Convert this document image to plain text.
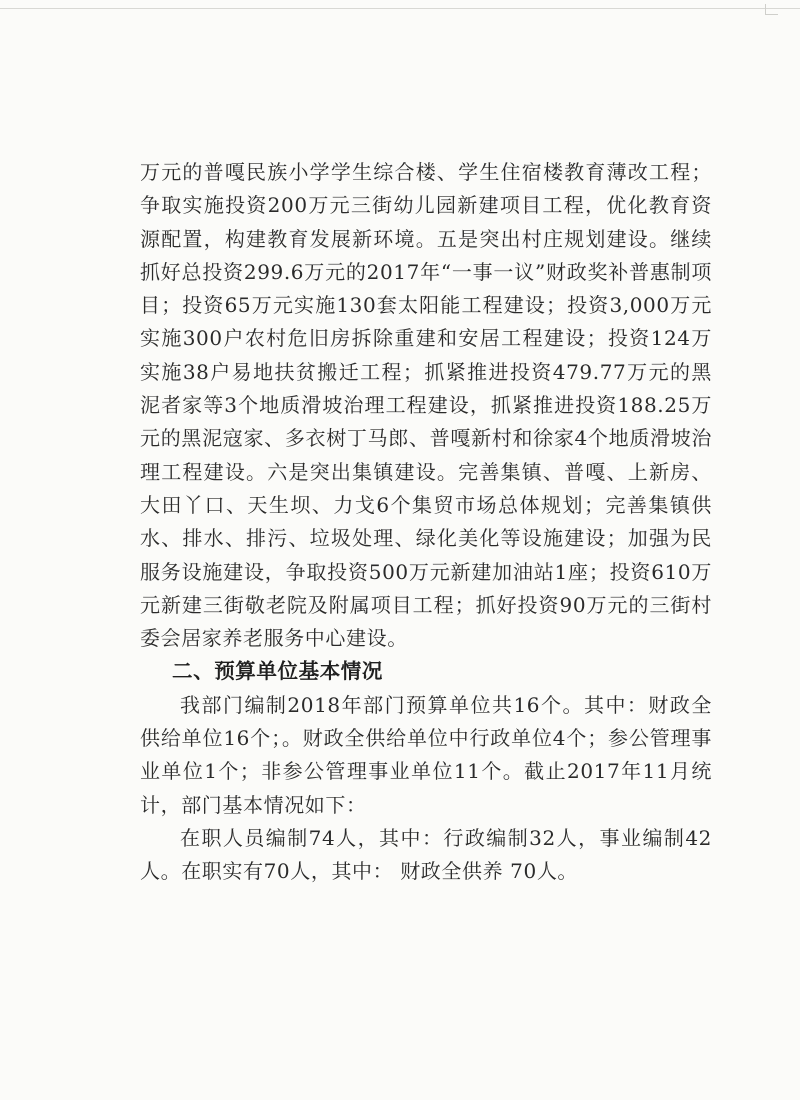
万元的普嘎民族小学学生综合楼、学生住宿楼教育薄改工程；争取实施投资200万元三街幼儿园新建项目工程，优化教育资源配置，构建教育发展新环境。五是突出村庄规划建设。继续抓好总投资299.6万元的2017年“一事一议”财政奖补普惠制项目；投资65万元实施130套太阳能工程建设；投资3,000万元实施300户农村危旧房拆除重建和安居工程建设；投资124万实施38户易地扶贫搬迁工程；抓紧推进投资479.77万元的黑泥者家等3个地质滑坡治理工程建设，抓紧推进投资188.25万元的黑泥寇家、多衣树丁马郎、普嘎新村和徐家4个地质滑坡治理工程建设。六是突出集镇建设。完善集镇、普嘎、上新房、大田丫口、天生坝、力戈6个集贸市场总体规划；完善集镇供水、排水、排污、垃圾处理、绿化美化等设施建设；加强为民服务设施建设，争取投资500万元新建加油站1座；投资610万元新建三街敬老院及附属项目工程；抓好投资90万元的三街村委会居家养老服务中心建设。

二、预算单位基本情况

我部门编制2018年部门预算单位共16个。其中：财政全供给单位16个；。财政全供给单位中行政单位4个；参公管理事业单位1个；非参公管理事业单位11个。截止2017年11月统计，部门基本情况如下：

在职人员编制74人，其中：行政编制32人，事业编制42人。在职实有70人，其中： 财政全供养 70人。
